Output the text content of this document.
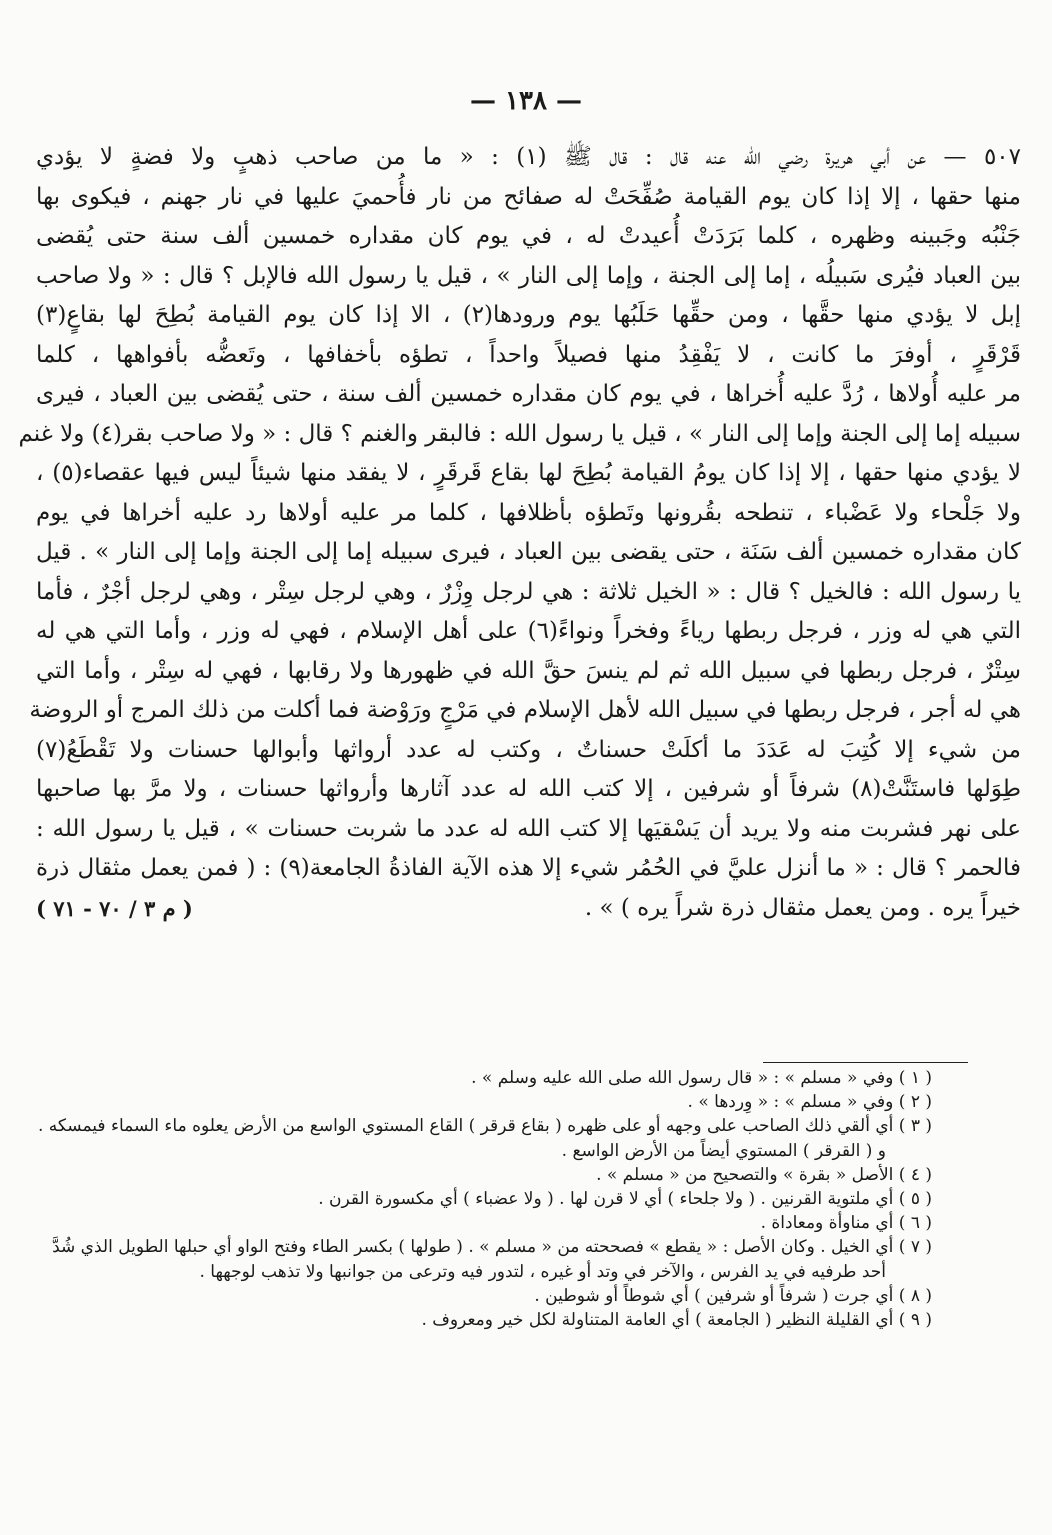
— ١٣٨ —
٥٠٧ — عن أبي هريرة رضي الله عنه قال : قال ﷺ (١) : « ما من صاحب ذهبٍ ولا فضةٍ لا يؤدي
منها حقها ، إلا إذا كان يوم القيامة صُفِّحَتْ له صفائح من نار فأُحميَ عليها في نار جهنم ، فيكوى بها
جَنْبُه وجَبينه وظهره ، كلما بَرَدَتْ أُعيدتْ له ، في يوم كان مقداره خمسين ألف سنة حتى يُقضى
بين العباد فيُرى سَبيلُه ، إما إلى الجنة ، وإما إلى النار » ، قيل يا رسول الله فالإبل ؟ قال : « ولا صاحب
إبل لا يؤدي منها حقَّها ، ومن حقِّها حَلَبُها يوم ورودها(٢) ، الا إذا كان يوم القيامة بُطِحَ لها بقاعٍ(٣)
قَرْقَرٍ ، أوفرَ ما كانت ، لا يَفْقِدُ منها فصيلاً واحداً ، تطؤه بأخفافها ، وتَعضُّه بأفواهها ، كلما
مر عليه أُولاها ، رُدَّ عليه أُخراها ، في يوم كان مقداره خمسين ألف سنة ، حتى يُقضى بين العباد ، فيرى
سبيله إما إلى الجنة وإما إلى النار » ، قيل يا رسول الله : فالبقر والغنم ؟ قال : « ولا صاحب بقر(٤) ولا غنم
لا يؤدي منها حقها ، إلا إذا كان يومُ القيامة بُطِحَ لها بقاع قَرقَرٍ ، لا يفقد منها شيئاً ليس فيها عقصاء(٥) ،
ولا جَلْحاء ولا عَضْباء ، تنطحه بقُرونها وتَطؤه بأظلافها ، كلما مر عليه أولاها رد عليه أخراها في يوم
كان مقداره خمسين ألف سَنَة ، حتى يقضى بين العباد ، فيرى سبيله إما إلى الجنة وإما إلى النار » . قيل
يا رسول الله : فالخيل ؟ قال : « الخيل ثلاثة : هي لرجل وِزْرٌ ، وهي لرجل سِتْر ، وهي لرجل أجْرٌ ، فأما
التي هي له وزر ، فرجل ربطها رياءً وفخراً ونواءً(٦) على أهل الإسلام ، فهي له وزر ، وأما التي هي له
سِتْرٌ ، فرجل ربطها في سبيل الله ثم لم ينسَ حقَّ الله في ظهورها ولا رقابها ، فهي له سِتْر ، وأما التي
هي له أجر ، فرجل ربطها في سبيل الله لأهل الإسلام في مَرْجٍ ورَوْضة فما أكلت من ذلك المرج أو الروضة
من شيء إلا كُتِبَ له عَدَدَ ما أكلَتْ حسناتٌ ، وكتب له عدد أرواثها وأبوالها حسنات ولا تَقْطَعُ(٧)
طِوَلها فاستَنَّتْ(٨) شرفاً أو شرفين ، إلا كتب الله له عدد آثارها وأرواثها حسنات ، ولا مرَّ بها صاحبها
على نهر فشربت منه ولا يريد أن يَسْقيَها إلا كتب الله له عدد ما شربت حسنات » ، قيل يا رسول الله :
فالحمر ؟ قال : « ما أنزل عليَّ في الحُمُر شيء إلا هذه الآية الفاذةُ الجامعة(٩) : ( فمن يعمل مثقال ذرة
( م ٣ / ٧٠ - ٧١ )	خيراً يره . ومن يعمل مثقال ذرة شراً يره ) » .
( ١ ) وفي « مسلم » : « قال رسول الله صلى الله عليه وسلم » .
( ٢ ) وفي « مسلم » : « وِردها » .
( ٣ ) أي ألقي ذلك الصاحب على وجهه أو على ظهره ( بقاع قرقر ) القاع المستوي الواسع من الأرض يعلوه ماء السماء فيمسكه .
و ( القرقر ) المستوي أيضاً من الأرض الواسع .
( ٤ ) الأصل « بقرة » والتصحيح من « مسلم » .
( ٥ ) أي ملتوية القرنين . ( ولا جلحاء ) أي لا قرن لها . ( ولا عضباء ) أي مكسورة القرن .
( ٦ ) أي مناوأة ومعاداة .
( ٧ ) أي الخيل . وكان الأصل : « يقطع » فصححته من « مسلم » . ( طولها ) بكسر الطاء وفتح الواو أي حبلها الطويل الذي شُدَّ
أحد طرفيه في يد الفرس ، والآخر في وتد أو غيره ، لتدور فيه وترعى من جوانبها ولا تذهب لوجهها .
( ٨ ) أي جرت ( شرفاً أو شرفين ) أي شوطاً أو شوطين .
( ٩ ) أي القليلة النظير ( الجامعة ) أي العامة المتناولة لكل خير ومعروف .
